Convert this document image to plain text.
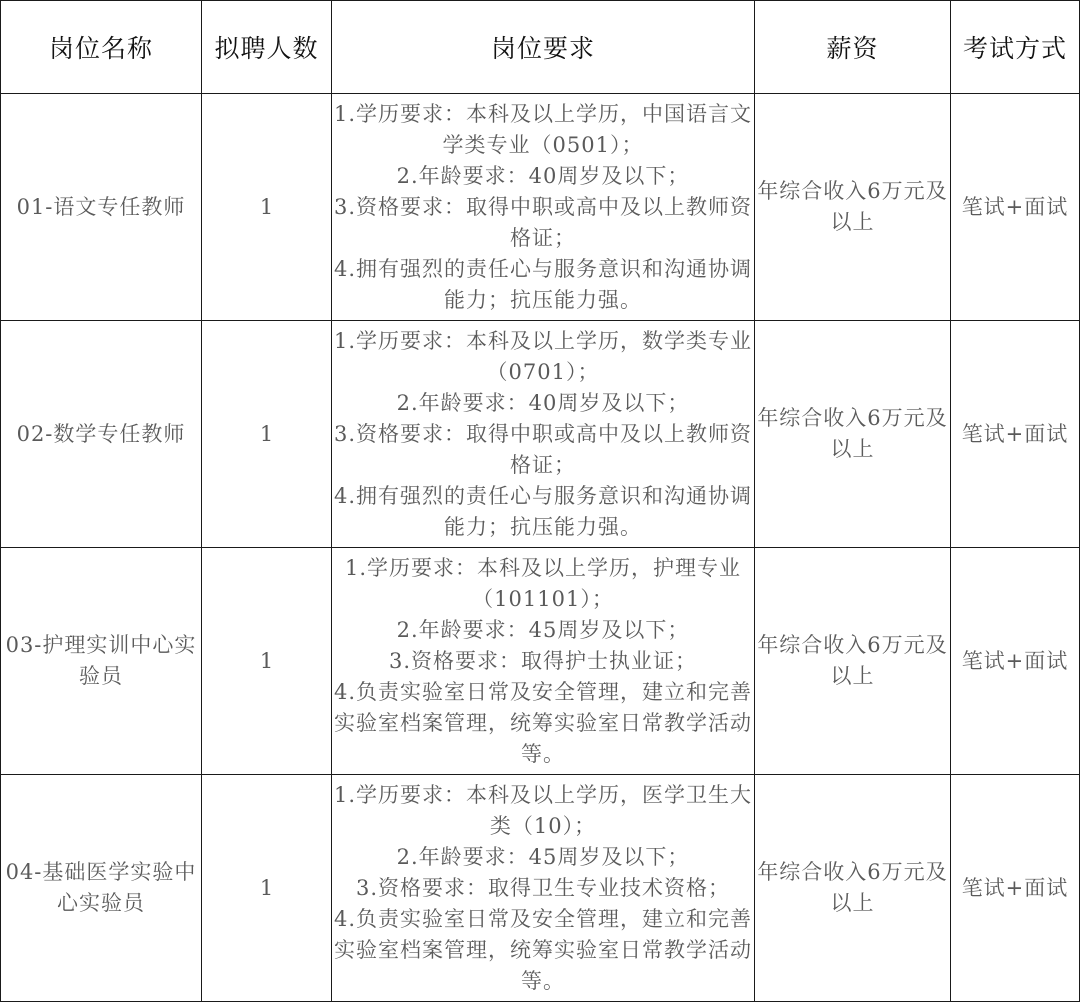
岗位名称	拟聘人数	岗位要求	薪资	考试方式
01-语文专任教师	1	1.学历要求：本科及以上学历，中国语言文学类专业（0501）；
2.年龄要求：40周岁及以下；
3.资格要求：取得中职或高中及以上教师资格证；
4.拥有强烈的责任心与服务意识和沟通协调能力；抗压能力强。	年综合收入6万元及以上	笔试+面试
02-数学专任教师	1	1.学历要求：本科及以上学历，数学类专业（0701）；
2.年龄要求：40周岁及以下；
3.资格要求：取得中职或高中及以上教师资格证；
4.拥有强烈的责任心与服务意识和沟通协调能力；抗压能力强。	年综合收入6万元及以上	笔试+面试
03-护理实训中心实验员	1	1.学历要求：本科及以上学历，护理专业（101101）；
2.年龄要求：45周岁及以下；
3.资格要求：取得护士执业证；
4.负责实验室日常及安全管理，建立和完善实验室档案管理，统筹实验室日常教学活动等。	年综合收入6万元及以上	笔试+面试
04-基础医学实验中心实验员	1	1.学历要求：本科及以上学历，医学卫生大类（10）；
2.年龄要求：45周岁及以下；
3.资格要求：取得卫生专业技术资格；
4.负责实验室日常及安全管理，建立和完善实验室档案管理，统筹实验室日常教学活动等。	年综合收入6万元及以上	笔试+面试
